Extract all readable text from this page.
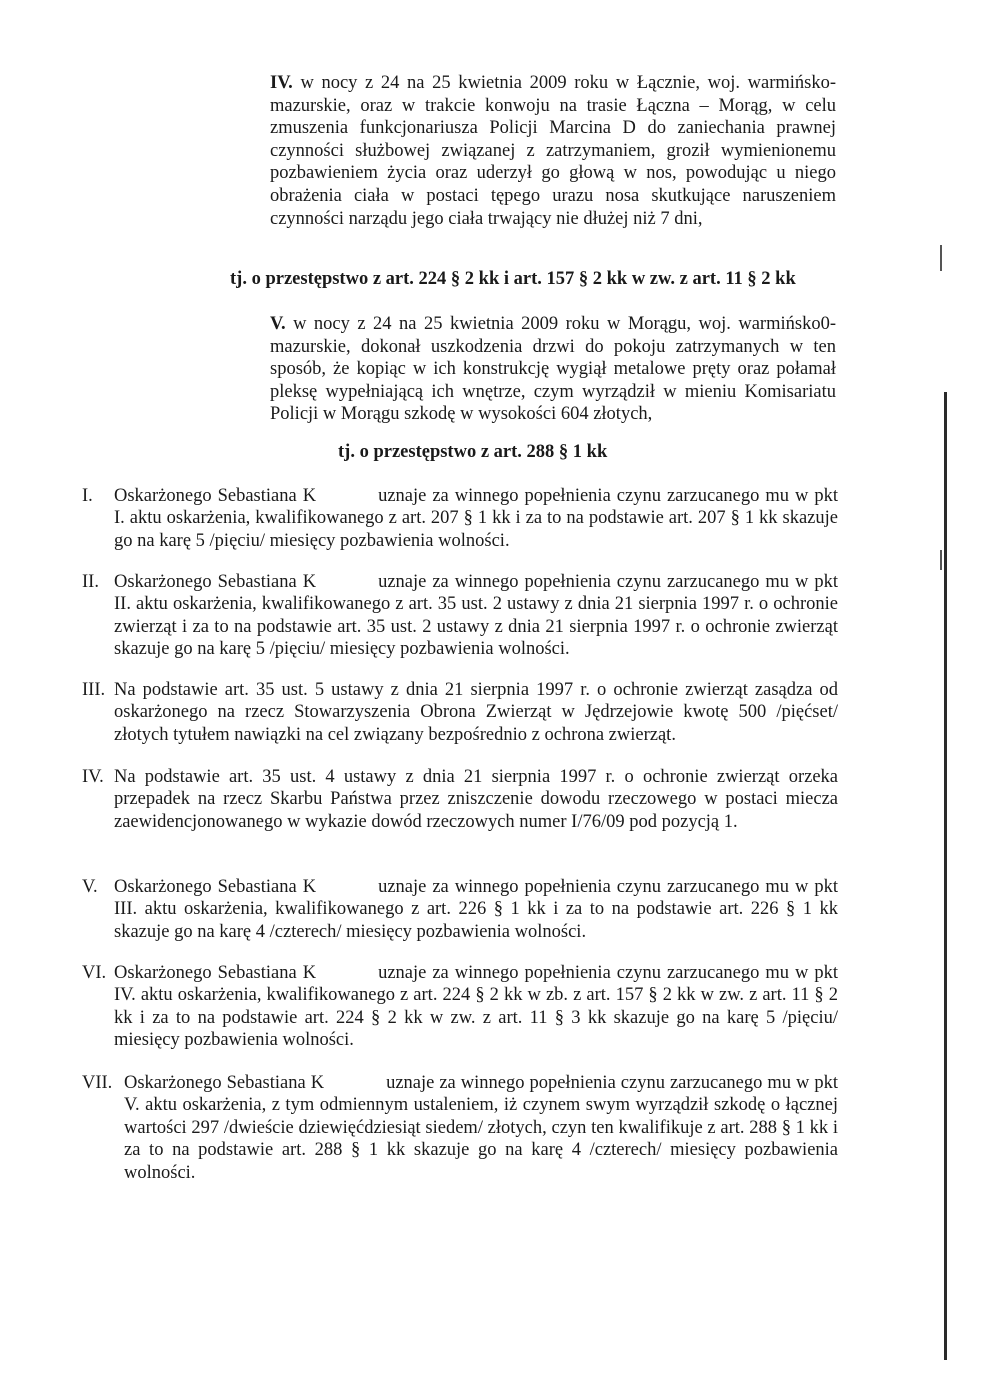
IV. w nocy z 24 na 25 kwietnia 2009 roku w Łącznie, woj. warmińsko-mazurskie, oraz w trakcie konwoju na trasie Łączna – Morąg, w celu zmuszenia funkcjonariusza Policji Marcina D do zaniechania prawnej czynności służbowej związanej z zatrzymaniem, groził wymienionemu pozbawieniem życia oraz uderzył go głową w nos, powodując u niego obrażenia ciała w postaci tępego urazu nosa skutkujące naruszeniem czynności narządu jego ciała trwający nie dłużej niż 7 dni,
tj. o przestępstwo z art. 224 § 2 kk i art. 157 § 2 kk w zw. z art. 11 § 2 kk
V. w nocy z 24 na 25 kwietnia 2009 roku w Morągu, woj. warmińsko0-mazurskie, dokonał uszkodzenia drzwi do pokoju zatrzymanych w ten sposób, że kopiąc w ich konstrukcję wygiął metalowe pręty oraz połamał pleksę wypełniającą ich wnętrze, czym wyrządził w mieniu Komisariatu Policji w Morągu szkodę w wysokości 604 złotych,
tj. o przestępstwo z art. 288 § 1 kk
I. Oskarżonego Sebastiana K	uznaje za winnego popełnienia czynu zarzucanego mu w pkt I. aktu oskarżenia, kwalifikowanego z art. 207 § 1 kk i za to na podstawie art. 207 § 1 kk skazuje go na karę 5 /pięciu/ miesięcy pozbawienia wolności.
II. Oskarżonego Sebastiana K	uznaje za winnego popełnienia czynu zarzucanego mu w pkt II. aktu oskarżenia, kwalifikowanego z art. 35 ust. 2 ustawy z dnia 21 sierpnia 1997 r. o ochronie zwierząt i za to na podstawie art. 35 ust. 2 ustawy z dnia 21 sierpnia 1997 r. o ochronie zwierząt skazuje go na karę 5 /pięciu/ miesięcy pozbawienia wolności.
III. Na podstawie art. 35 ust. 5 ustawy z dnia 21 sierpnia 1997 r. o ochronie zwierząt zasądza od oskarżonego na rzecz Stowarzyszenia Obrona Zwierząt w Jędrzejowie kwotę 500 /pięćset/ złotych tytułem nawiązki na cel związany bezpośrednio z ochrona zwierząt.
IV. Na podstawie art. 35 ust. 4 ustawy z dnia 21 sierpnia 1997 r. o ochronie zwierząt orzeka przepadek na rzecz Skarbu Państwa przez zniszczenie dowodu rzeczowego w postaci miecza zaewidencjonowanego w wykazie dowód rzeczowych numer I/76/09 pod pozycją 1.
V. Oskarżonego Sebastiana K	uznaje za winnego popełnienia czynu zarzucanego mu w pkt III. aktu oskarżenia, kwalifikowanego z art. 226 § 1 kk i za to na podstawie art. 226 § 1 kk skazuje go na karę 4 /czterech/ miesięcy pozbawienia wolności.
VI. Oskarżonego Sebastiana K	uznaje za winnego popełnienia czynu zarzucanego mu w pkt IV. aktu oskarżenia, kwalifikowanego z art. 224 § 2 kk w zb. z art. 157 § 2 kk w zw. z art. 11 § 2 kk i za to na podstawie art. 224 § 2 kk w zw. z art. 11 § 3 kk skazuje go na karę 5 /pięciu/ miesięcy pozbawienia wolności.
VII. Oskarżonego Sebastiana K	uznaje za winnego popełnienia czynu zarzucanego mu w pkt V. aktu oskarżenia, z tym odmiennym ustaleniem, iż czynem swym wyrządził szkodę o łącznej wartości 297 /dwieście dziewięćdziesiąt siedem/ złotych, czyn ten kwalifikuje z art. 288 § 1 kk i za to na podstawie art. 288 § 1 kk skazuje go na karę 4 /czterech/ miesięcy pozbawienia wolności.
